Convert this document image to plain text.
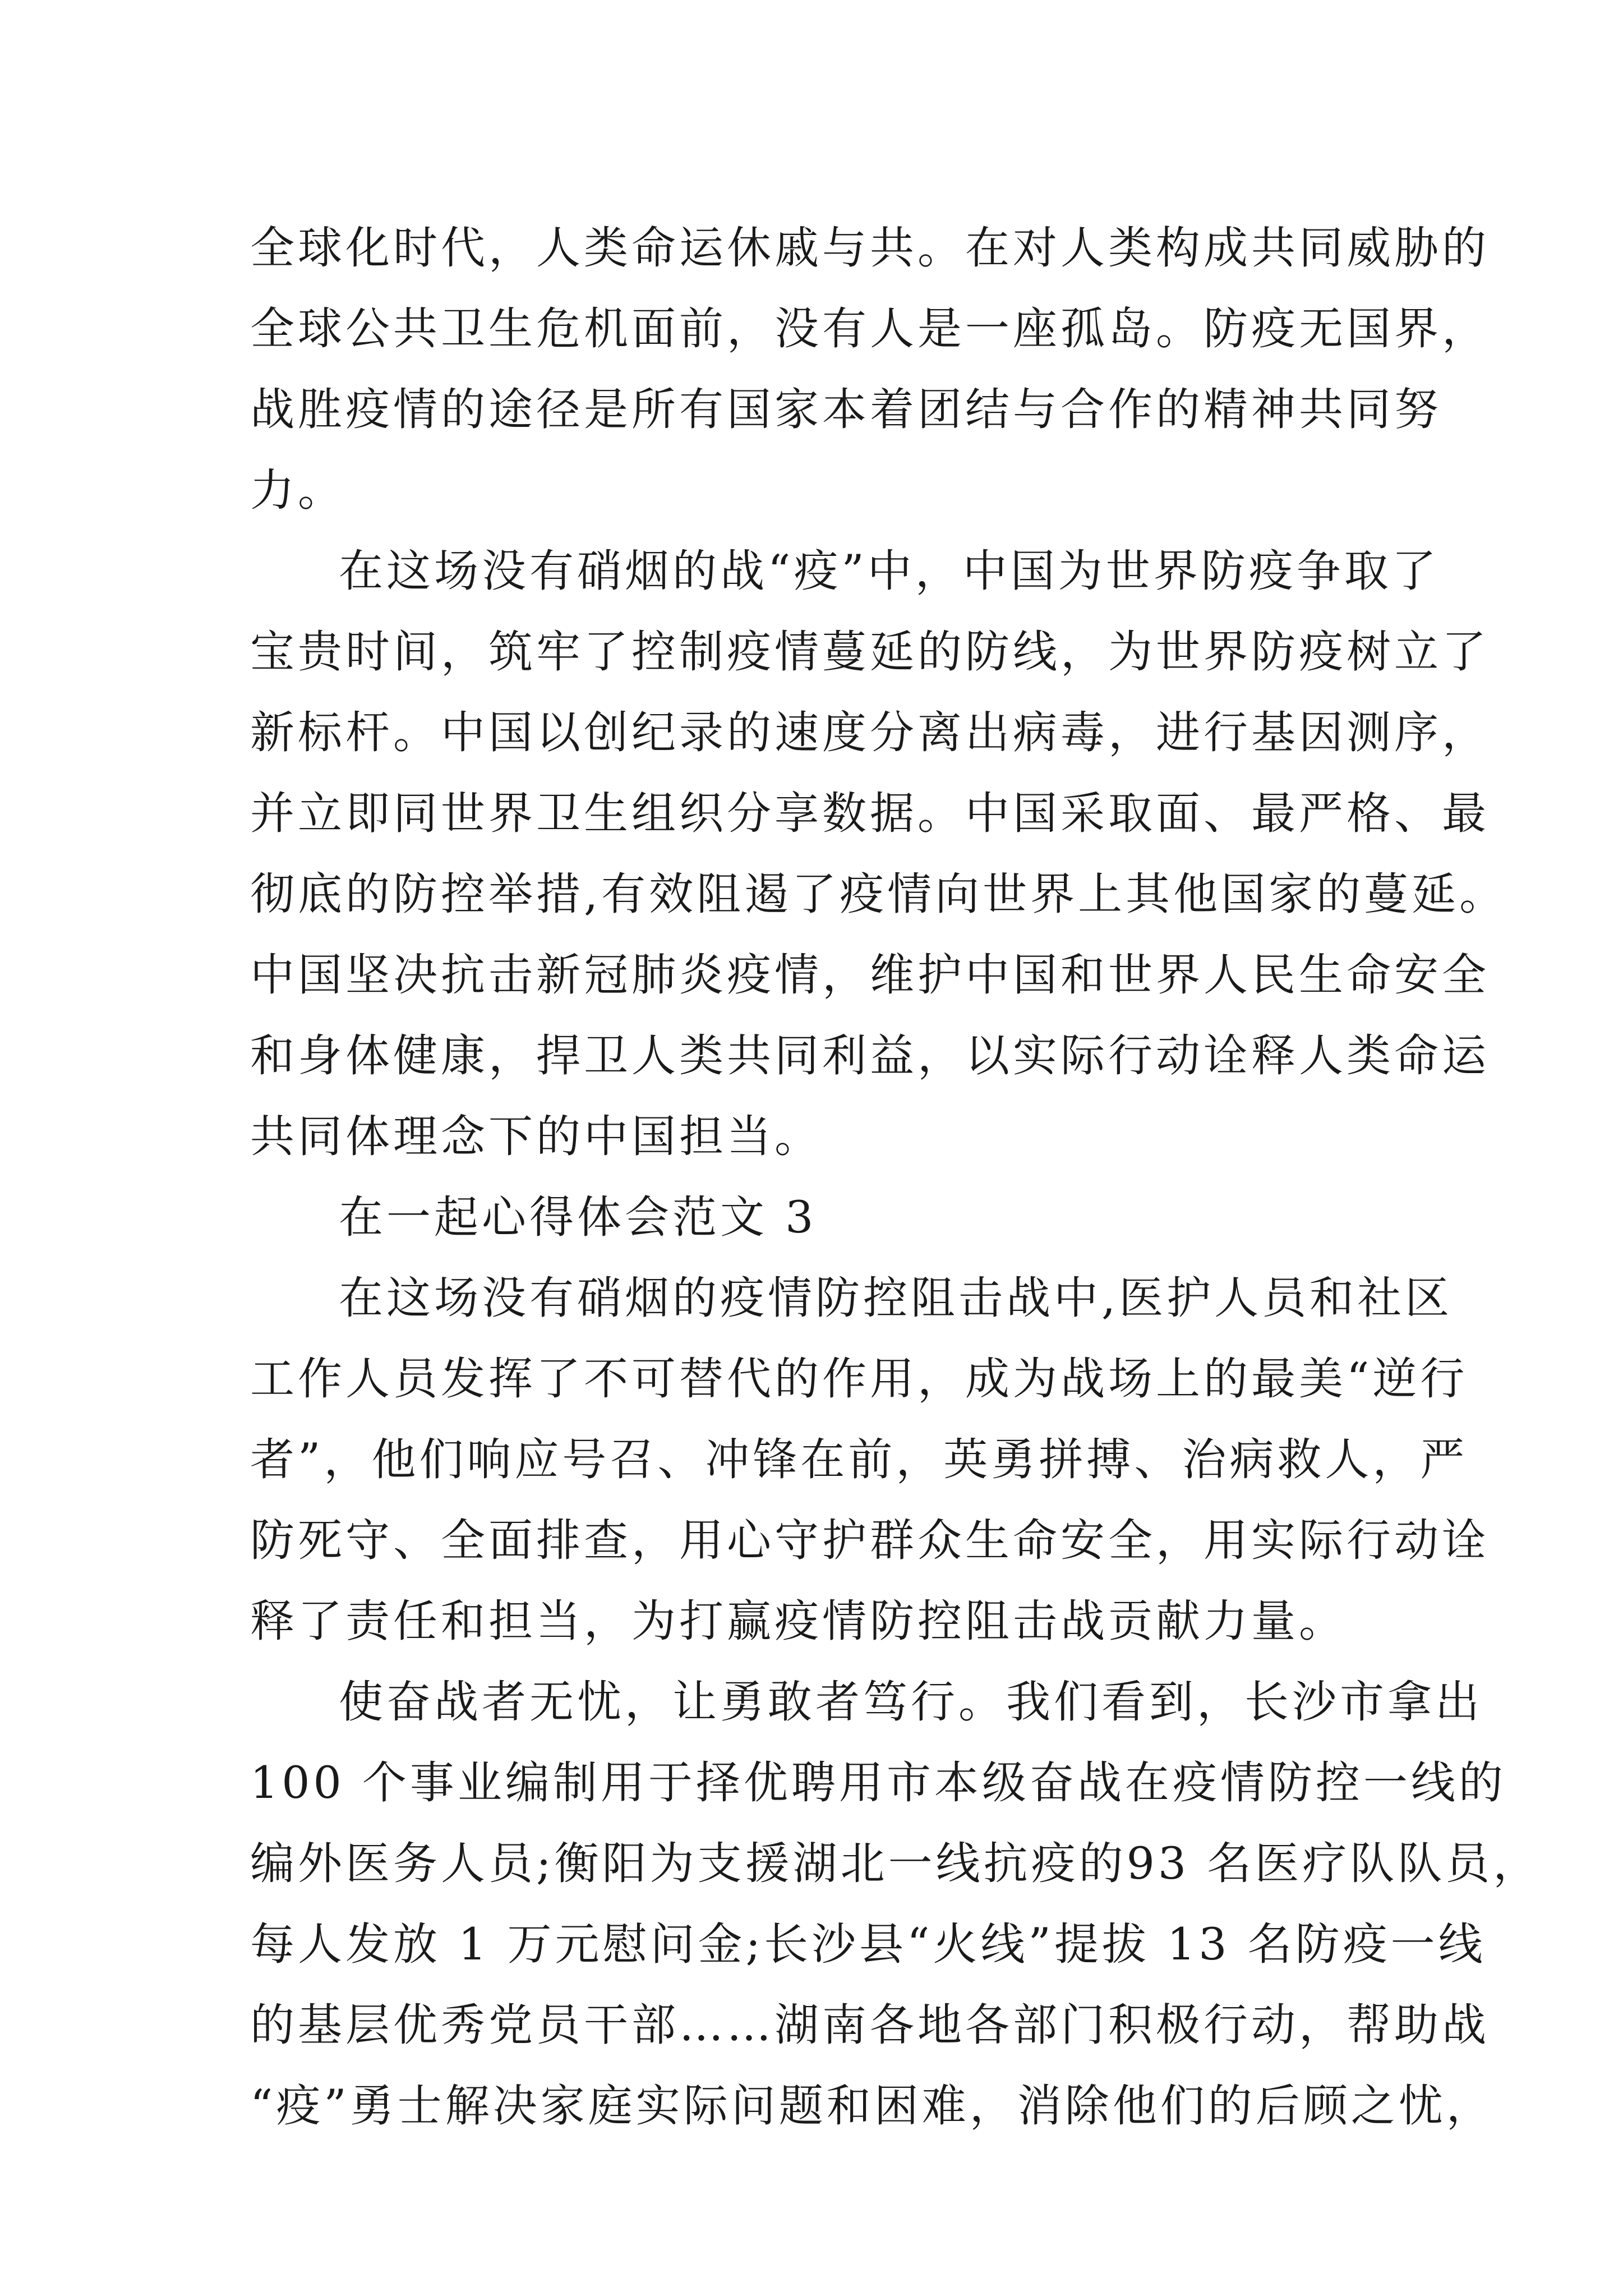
全球化时代，人类命运休戚与共。在对人类构成共同威胁的
全球公共卫生危机面前，没有人是一座孤岛。防疫无国界，
战胜疫情的途径是所有国家本着团结与合作的精神共同努
力。
在这场没有硝烟的战“疫”中，中国为世界防疫争取了
宝贵时间，筑牢了控制疫情蔓延的防线，为世界防疫树立了
新标杆。中国以创纪录的速度分离出病毒，进行基因测序，
并立即同世界卫生组织分享数据。中国采取面、最严格、最
彻底的防控举措,有效阻遏了疫情向世界上其他国家的蔓延。
中国坚决抗击新冠肺炎疫情，维护中国和世界人民生命安全
和身体健康，捍卫人类共同利益，以实际行动诠释人类命运
共同体理念下的中国担当。
在一起心得体会范文 3
在这场没有硝烟的疫情防控阻击战中,医护人员和社区
工作人员发挥了不可替代的作用，成为战场上的最美“逆行
者”，他们响应号召、冲锋在前，英勇拼搏、治病救人，严
防死守、全面排查，用心守护群众生命安全，用实际行动诠
释了责任和担当，为打赢疫情防控阻击战贡献力量。
使奋战者无忧，让勇敢者笃行。我们看到，长沙市拿出
100 个事业编制用于择优聘用市本级奋战在疫情防控一线的
编外医务人员;衡阳为支援湖北一线抗疫的93 名医疗队队员，
每人发放 1 万元慰问金;长沙县“火线”提拔 13 名防疫一线
的基层优秀党员干部……湖南各地各部门积极行动，帮助战
“疫”勇士解决家庭实际问题和困难，消除他们的后顾之忧，
